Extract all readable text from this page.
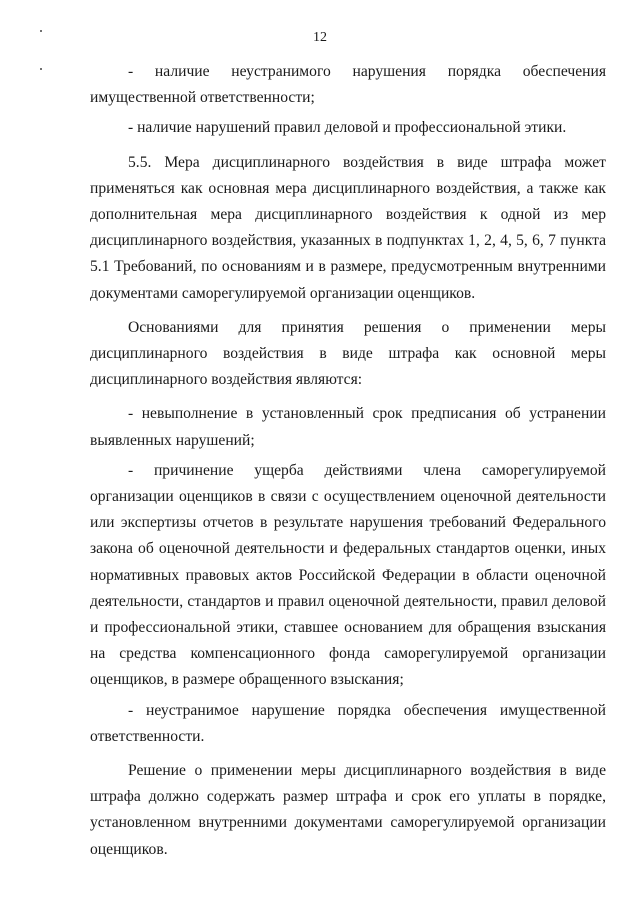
12

- наличие неустранимого нарушения порядка обеспечения имущественной ответственности;

- наличие нарушений правил деловой и профессиональной этики.

5.5. Мера дисциплинарного воздействия в виде штрафа может применяться как основная мера дисциплинарного воздействия, а также как дополнительная мера дисциплинарного воздействия к одной из мер дисциплинарного воздействия, указанных в подпунктах 1, 2, 4, 5, 6, 7 пункта 5.1 Требований, по основаниям и в размере, предусмотренным внутренними документами саморегулируемой организации оценщиков.

Основаниями для принятия решения о применении меры дисциплинарного воздействия в виде штрафа как основной меры дисциплинарного воздействия являются:

- невыполнение в установленный срок предписания об устранении выявленных нарушений;

- причинение ущерба действиями члена саморегулируемой организации оценщиков в связи с осуществлением оценочной деятельности или экспертизы отчетов в результате нарушения требований Федерального закона об оценочной деятельности и федеральных стандартов оценки, иных нормативных правовых актов Российской Федерации в области оценочной деятельности, стандартов и правил оценочной деятельности, правил деловой и профессиональной этики, ставшее основанием для обращения взыскания на средства компенсационного фонда саморегулируемой организации оценщиков, в размере обращенного взыскания;

- неустранимое нарушение порядка обеспечения имущественной ответственности.

Решение о применении меры дисциплинарного воздействия в виде штрафа должно содержать размер штрафа и срок его уплаты в порядке, установленном внутренними документами саморегулируемой организации оценщиков.
